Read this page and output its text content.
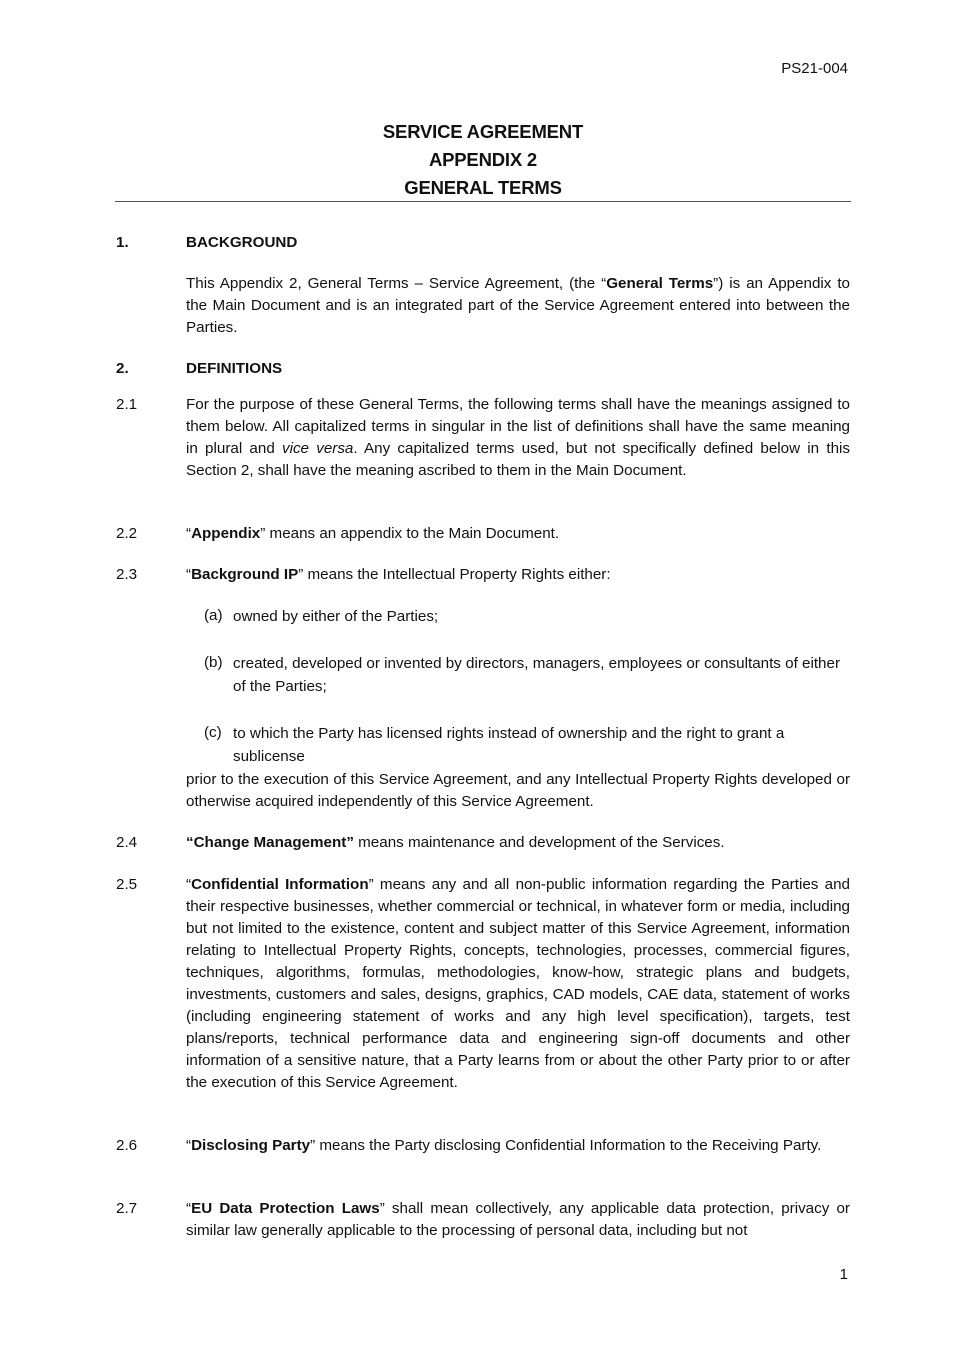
PS21-004
SERVICE AGREEMENT
APPENDIX 2
GENERAL TERMS
1.	BACKGROUND
This Appendix 2, General Terms – Service Agreement, (the “General Terms”) is an Appendix to the Main Document and is an integrated part of the Service Agreement entered into between the Parties.
2.	DEFINITIONS
2.1	For the purpose of these General Terms, the following terms shall have the meanings assigned to them below. All capitalized terms in singular in the list of definitions shall have the same meaning in plural and vice versa. Any capitalized terms used, but not specifically defined below in this Section 2, shall have the meaning ascribed to them in the Main Document.
2.2	“Appendix” means an appendix to the Main Document.
2.3	“Background IP” means the Intellectual Property Rights either:
(a) owned by either of the Parties;
(b) created, developed or invented by directors, managers, employees or consultants of either of the Parties;
(c) to which the Party has licensed rights instead of ownership and the right to grant a sublicense
prior to the execution of this Service Agreement, and any Intellectual Property Rights developed or otherwise acquired independently of this Service Agreement.
2.4	“Change Management” means maintenance and development of the Services.
2.5	“Confidential Information” means any and all non-public information regarding the Parties and their respective businesses, whether commercial or technical, in whatever form or media, including but not limited to the existence, content and subject matter of this Service Agreement, information relating to Intellectual Property Rights, concepts, technologies, processes, commercial figures, techniques, algorithms, formulas, methodologies, know-how, strategic plans and budgets, investments, customers and sales, designs, graphics, CAD models, CAE data, statement of works (including engineering statement of works and any high level specification), targets, test plans/reports, technical performance data and engineering sign-off documents and other information of a sensitive nature, that a Party learns from or about the other Party prior to or after the execution of this Service Agreement.
2.6	“Disclosing Party” means the Party disclosing Confidential Information to the Receiving Party.
2.7	“EU Data Protection Laws” shall mean collectively, any applicable data protection, privacy or similar law generally applicable to the processing of personal data, including but not
1
